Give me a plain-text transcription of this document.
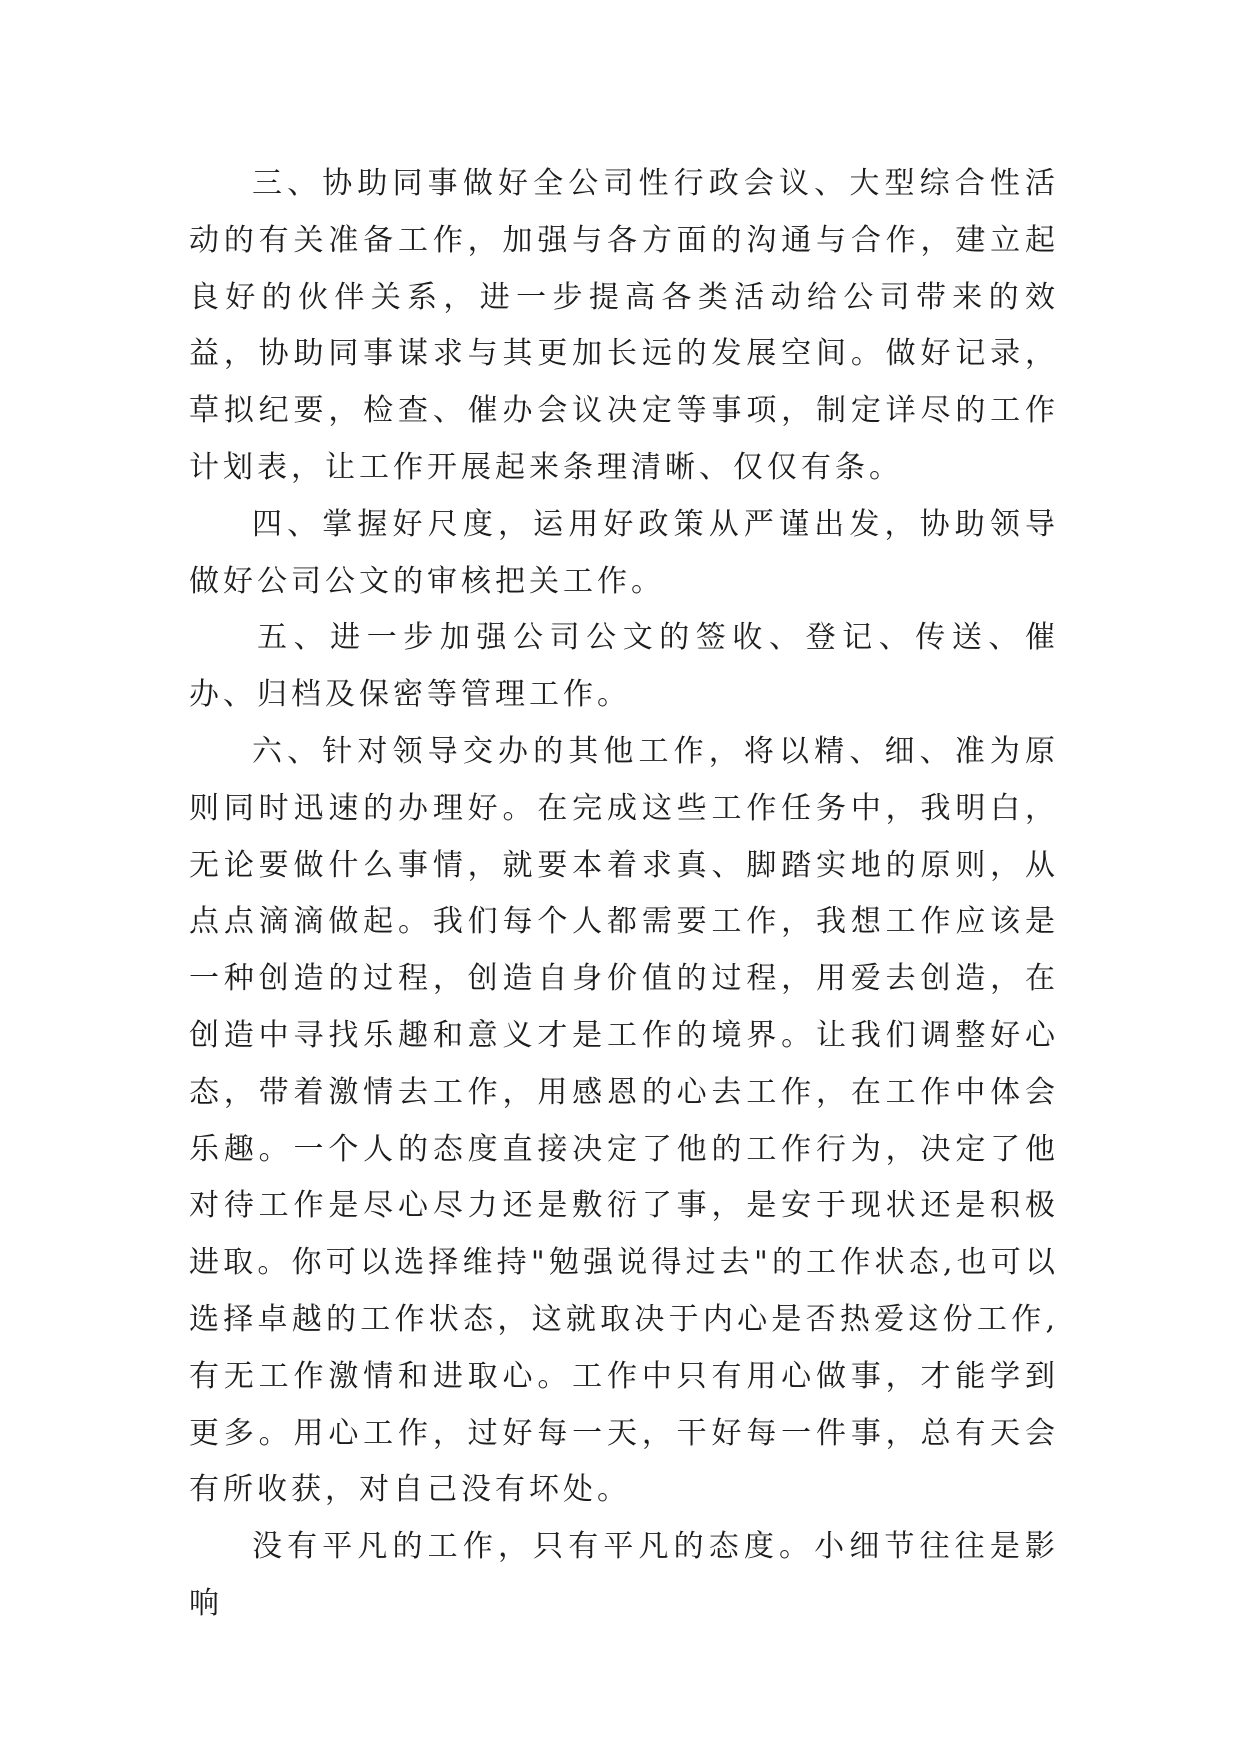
三、协助同事做好全公司性行政会议、大型综合性活动的有关准备工作，加强与各方面的沟通与合作，建立起良好的伙伴关系，进一步提高各类活动给公司带来的效益，协助同事谋求与其更加长远的发展空间。做好记录，草拟纪要，检查、催办会议决定等事项，制定详尽的工作计划表，让工作开展起来条理清晰、仅仅有条。

四、掌握好尺度，运用好政策从严谨出发，协助领导做好公司公文的审核把关工作。

五、进一步加强公司公文的签收、登记、传送、催办、归档及保密等管理工作。

六、针对领导交办的其他工作，将以精、细、准为原则同时迅速的办理好。在完成这些工作任务中，我明白，无论要做什么事情，就要本着求真、脚踏实地的原则，从点点滴滴做起。我们每个人都需要工作，我想工作应该是一种创造的过程，创造自身价值的过程，用爱去创造，在创造中寻找乐趣和意义才是工作的境界。让我们调整好心态，带着激情去工作，用感恩的心去工作，在工作中体会乐趣。一个人的态度直接决定了他的工作行为，决定了他对待工作是尽心尽力还是敷衍了事，是安于现状还是积极进取。你可以选择维持"勉强说得过去"的工作状态,也可以选择卓越的工作状态，这就取决于内心是否热爱这份工作,有无工作激情和进取心。工作中只有用心做事，才能学到更多。用心工作，过好每一天，干好每一件事，总有天会有所收获，对自己没有坏处。

没有平凡的工作，只有平凡的态度。小细节往往是影响
